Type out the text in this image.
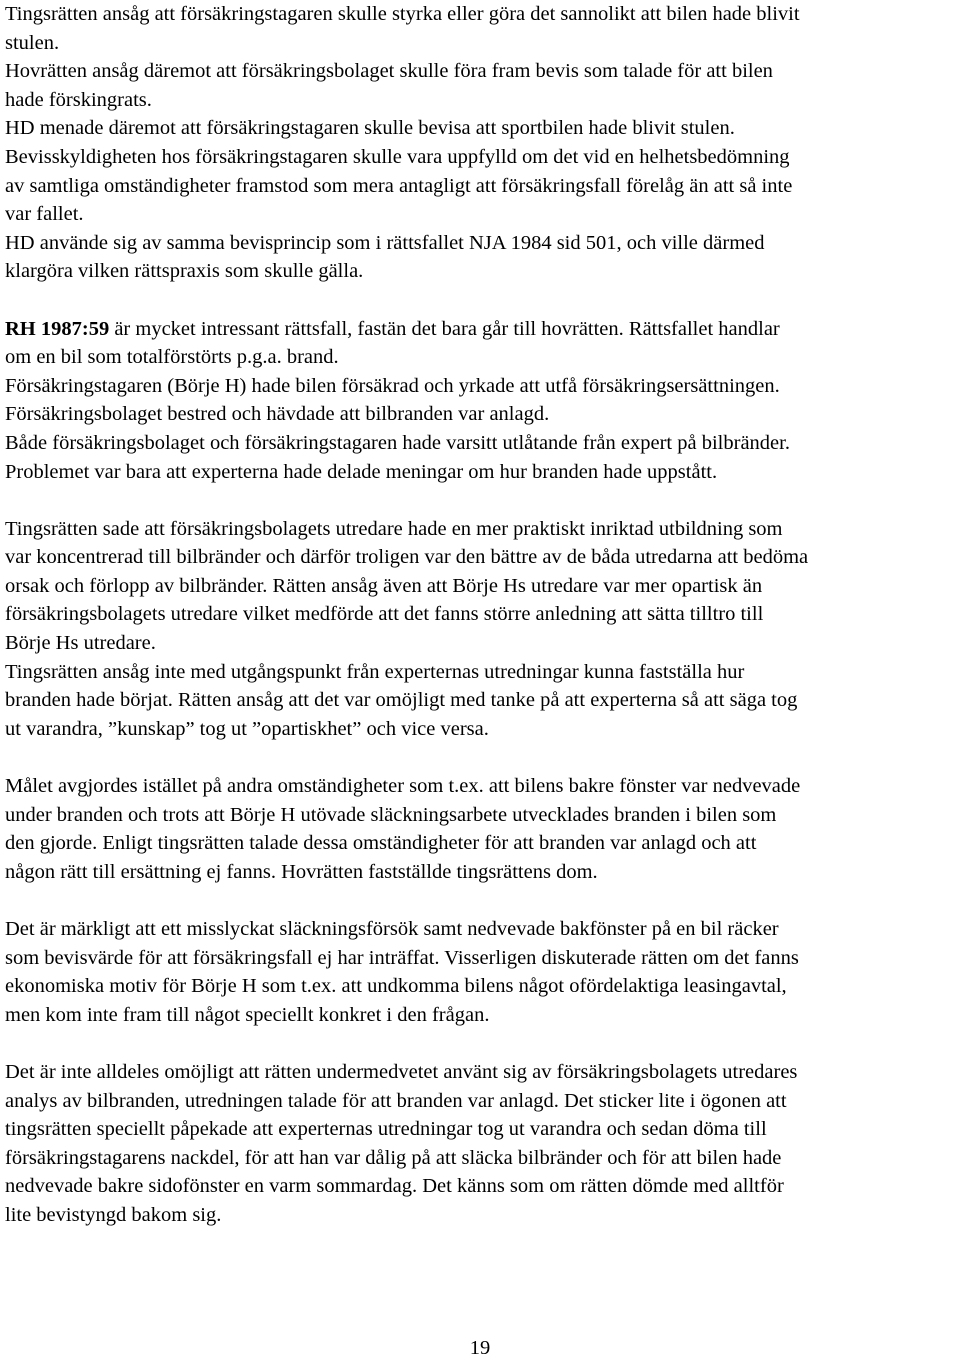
Tingsrätten ansåg att försäkringstagaren skulle styrka eller göra det sannolikt att bilen hade blivit
stulen.
Hovrätten ansåg däremot att försäkringsbolaget skulle föra fram bevis som talade för att bilen
hade förskingrats.
HD menade däremot att försäkringstagaren skulle bevisa att sportbilen hade blivit stulen.
Bevisskyldigheten hos försäkringstagaren skulle vara uppfylld om det vid en helhetsbedömning
av samtliga omständigheter framstod som mera antagligt att försäkringsfall förelåg än att så inte
var fallet.
HD använde sig av samma bevisprincip som i rättsfallet NJA 1984 sid 501, och ville därmed
klargöra vilken rättspraxis som skulle gälla.
RH 1987:59 är mycket intressant rättsfall, fastän det bara går till hovrätten. Rättsfallet handlar
om en bil som totalförstörts p.g.a. brand.
Försäkringstagaren (Börje H) hade bilen försäkrad och yrkade att utfå försäkringsersättningen.
Försäkringsbolaget bestred och hävdade att bilbranden var anlagd.
Både försäkringsbolaget och försäkringstagaren hade varsitt utlåtande från expert på bilbränder.
Problemet var bara att experterna hade delade meningar om hur branden hade uppstått.
Tingsrätten sade att försäkringsbolagets utredare hade en mer praktiskt inriktad utbildning som
var koncentrerad till bilbränder och därför troligen var den bättre av de båda utredarna att bedöma
orsak och förlopp av bilbränder. Rätten ansåg även att Börje Hs utredare var mer opartisk än
försäkringsbolagets utredare vilket medförde att det fanns större anledning att sätta tilltro till
Börje Hs utredare.
Tingsrätten ansåg inte med utgångspunkt från experternas utredningar kunna fastställa hur
branden hade börjat. Rätten ansåg att det var omöjligt med tanke på att experterna så att säga tog
ut varandra, ”kunskap” tog ut ”opartiskhet” och vice versa.
Målet avgjordes istället på andra omständigheter som t.ex. att bilens bakre fönster var nedvevade
under branden och trots att Börje H utövade släckningsarbete utvecklades branden i bilen som
den gjorde. Enligt tingsrätten talade dessa omständigheter för att branden var anlagd och att
någon rätt till ersättning ej fanns. Hovrätten fastställde tingsrättens dom.
Det är märkligt att ett misslyckat släckningsförsök samt nedvevade bakfönster på en bil räcker
som bevisvärde för att försäkringsfall ej har inträffat. Visserligen diskuterade rätten om det fanns
ekonomiska motiv för Börje H som t.ex. att undkomma bilens något ofördelaktiga leasingavtal,
men kom inte fram till något speciellt konkret i den frågan.
Det är inte alldeles omöjligt att rätten undermedvetet använt sig av försäkringsbolagets utredares
analys av bilbranden, utredningen talade för att branden var anlagd. Det sticker lite i ögonen att
tingsrätten speciellt påpekade att experternas utredningar tog ut varandra och sedan döma till
försäkringstagarens nackdel, för att han var dålig på att släcka bilbränder och för att bilen hade
nedvevade bakre sidofönster en varm sommardag. Det känns som om rätten dömde med alltför
lite bevistyngd bakom sig.
19
